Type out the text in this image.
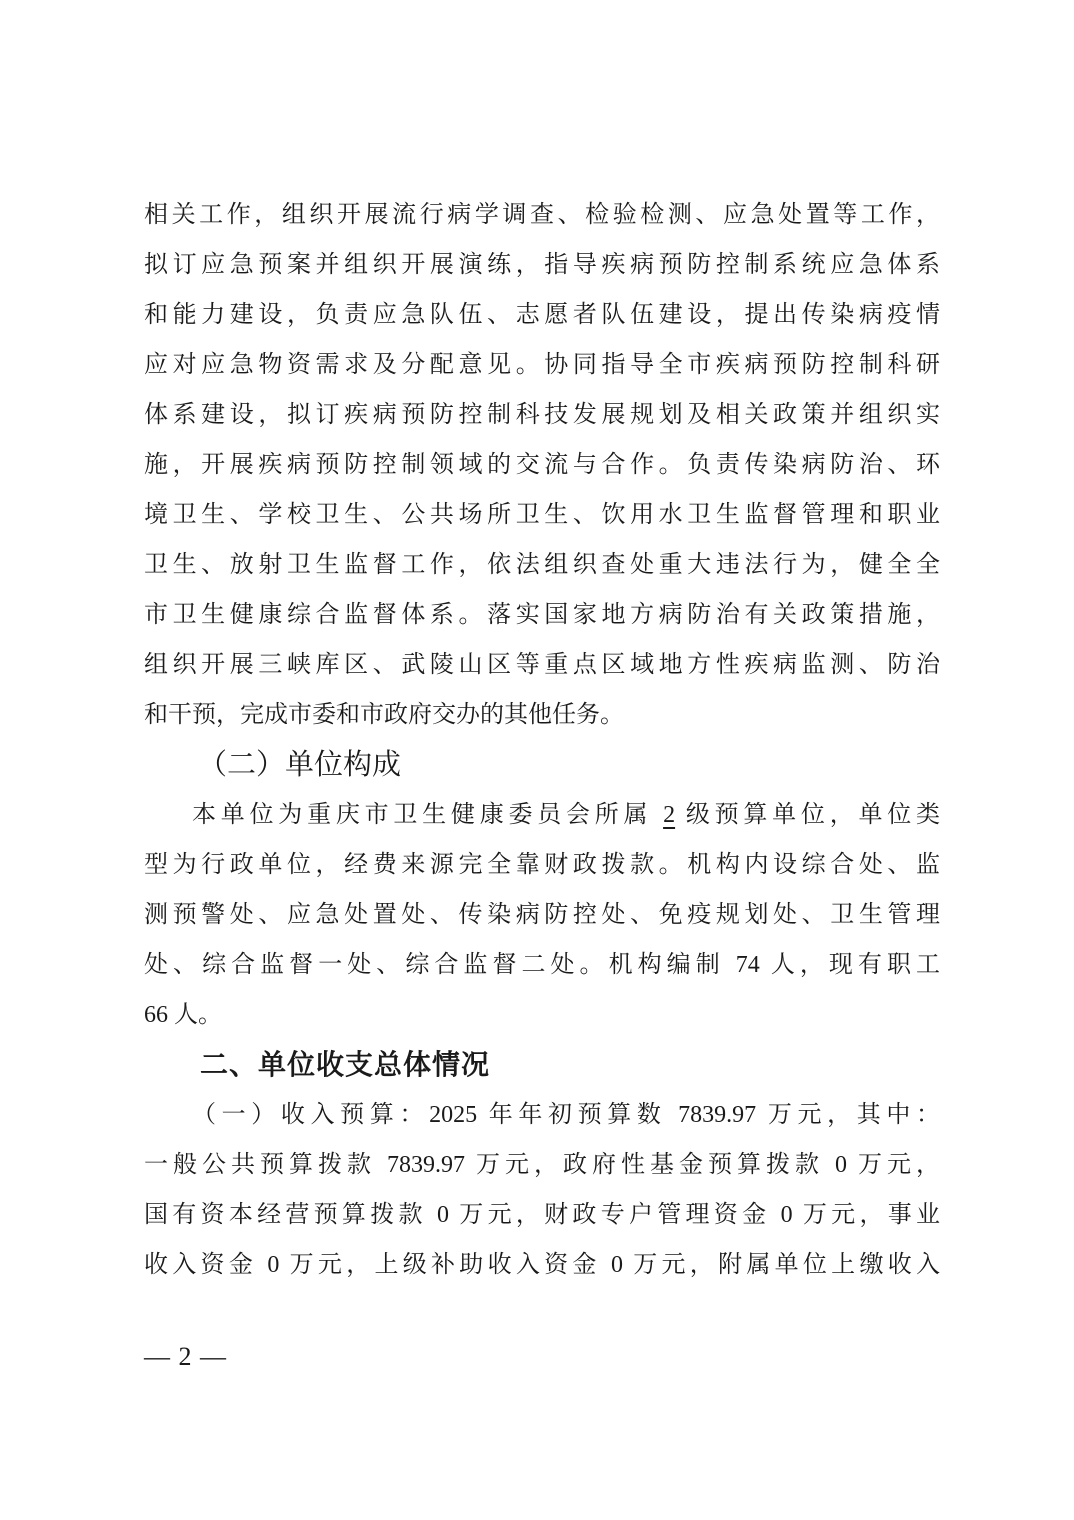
相关工作，组织开展流行病学调查、检验检测、应急处置等工作，
拟订应急预案并组织开展演练，指导疾病预防控制系统应急体系
和能力建设，负责应急队伍、志愿者队伍建设，提出传染病疫情
应对应急物资需求及分配意见。协同指导全市疾病预防控制科研
体系建设，拟订疾病预防控制科技发展规划及相关政策并组织实
施，开展疾病预防控制领域的交流与合作。负责传染病防治、环
境卫生、学校卫生、公共场所卫生、饮用水卫生监督管理和职业
卫生、放射卫生监督工作，依法组织查处重大违法行为，健全全
市卫生健康综合监督体系。落实国家地方病防治有关政策措施，
组织开展三峡库区、武陵山区等重点区域地方性疾病监测、防治
和干预，完成市委和市政府交办的其他任务。
（二）单位构成
本单位为重庆市卫生健康委员会所属 2 级预算单位，单位类
型为行政单位，经费来源完全靠财政拨款。机构内设综合处、监
测预警处、应急处置处、传染病防控处、免疫规划处、卫生管理
处、综合监督一处、综合监督二处。机构编制 74 人，现有职工
66 人。
二、单位收支总体情况
（一）收入预算：2025 年年初预算数 7839.97 万元，其中：
一般公共预算拨款 7839.97 万元，政府性基金预算拨款 0 万元，
国有资本经营预算拨款 0 万元，财政专户管理资金 0 万元，事业
收入资金 0 万元，上级补助收入资金 0 万元，附属单位上缴收入
— 2 —
